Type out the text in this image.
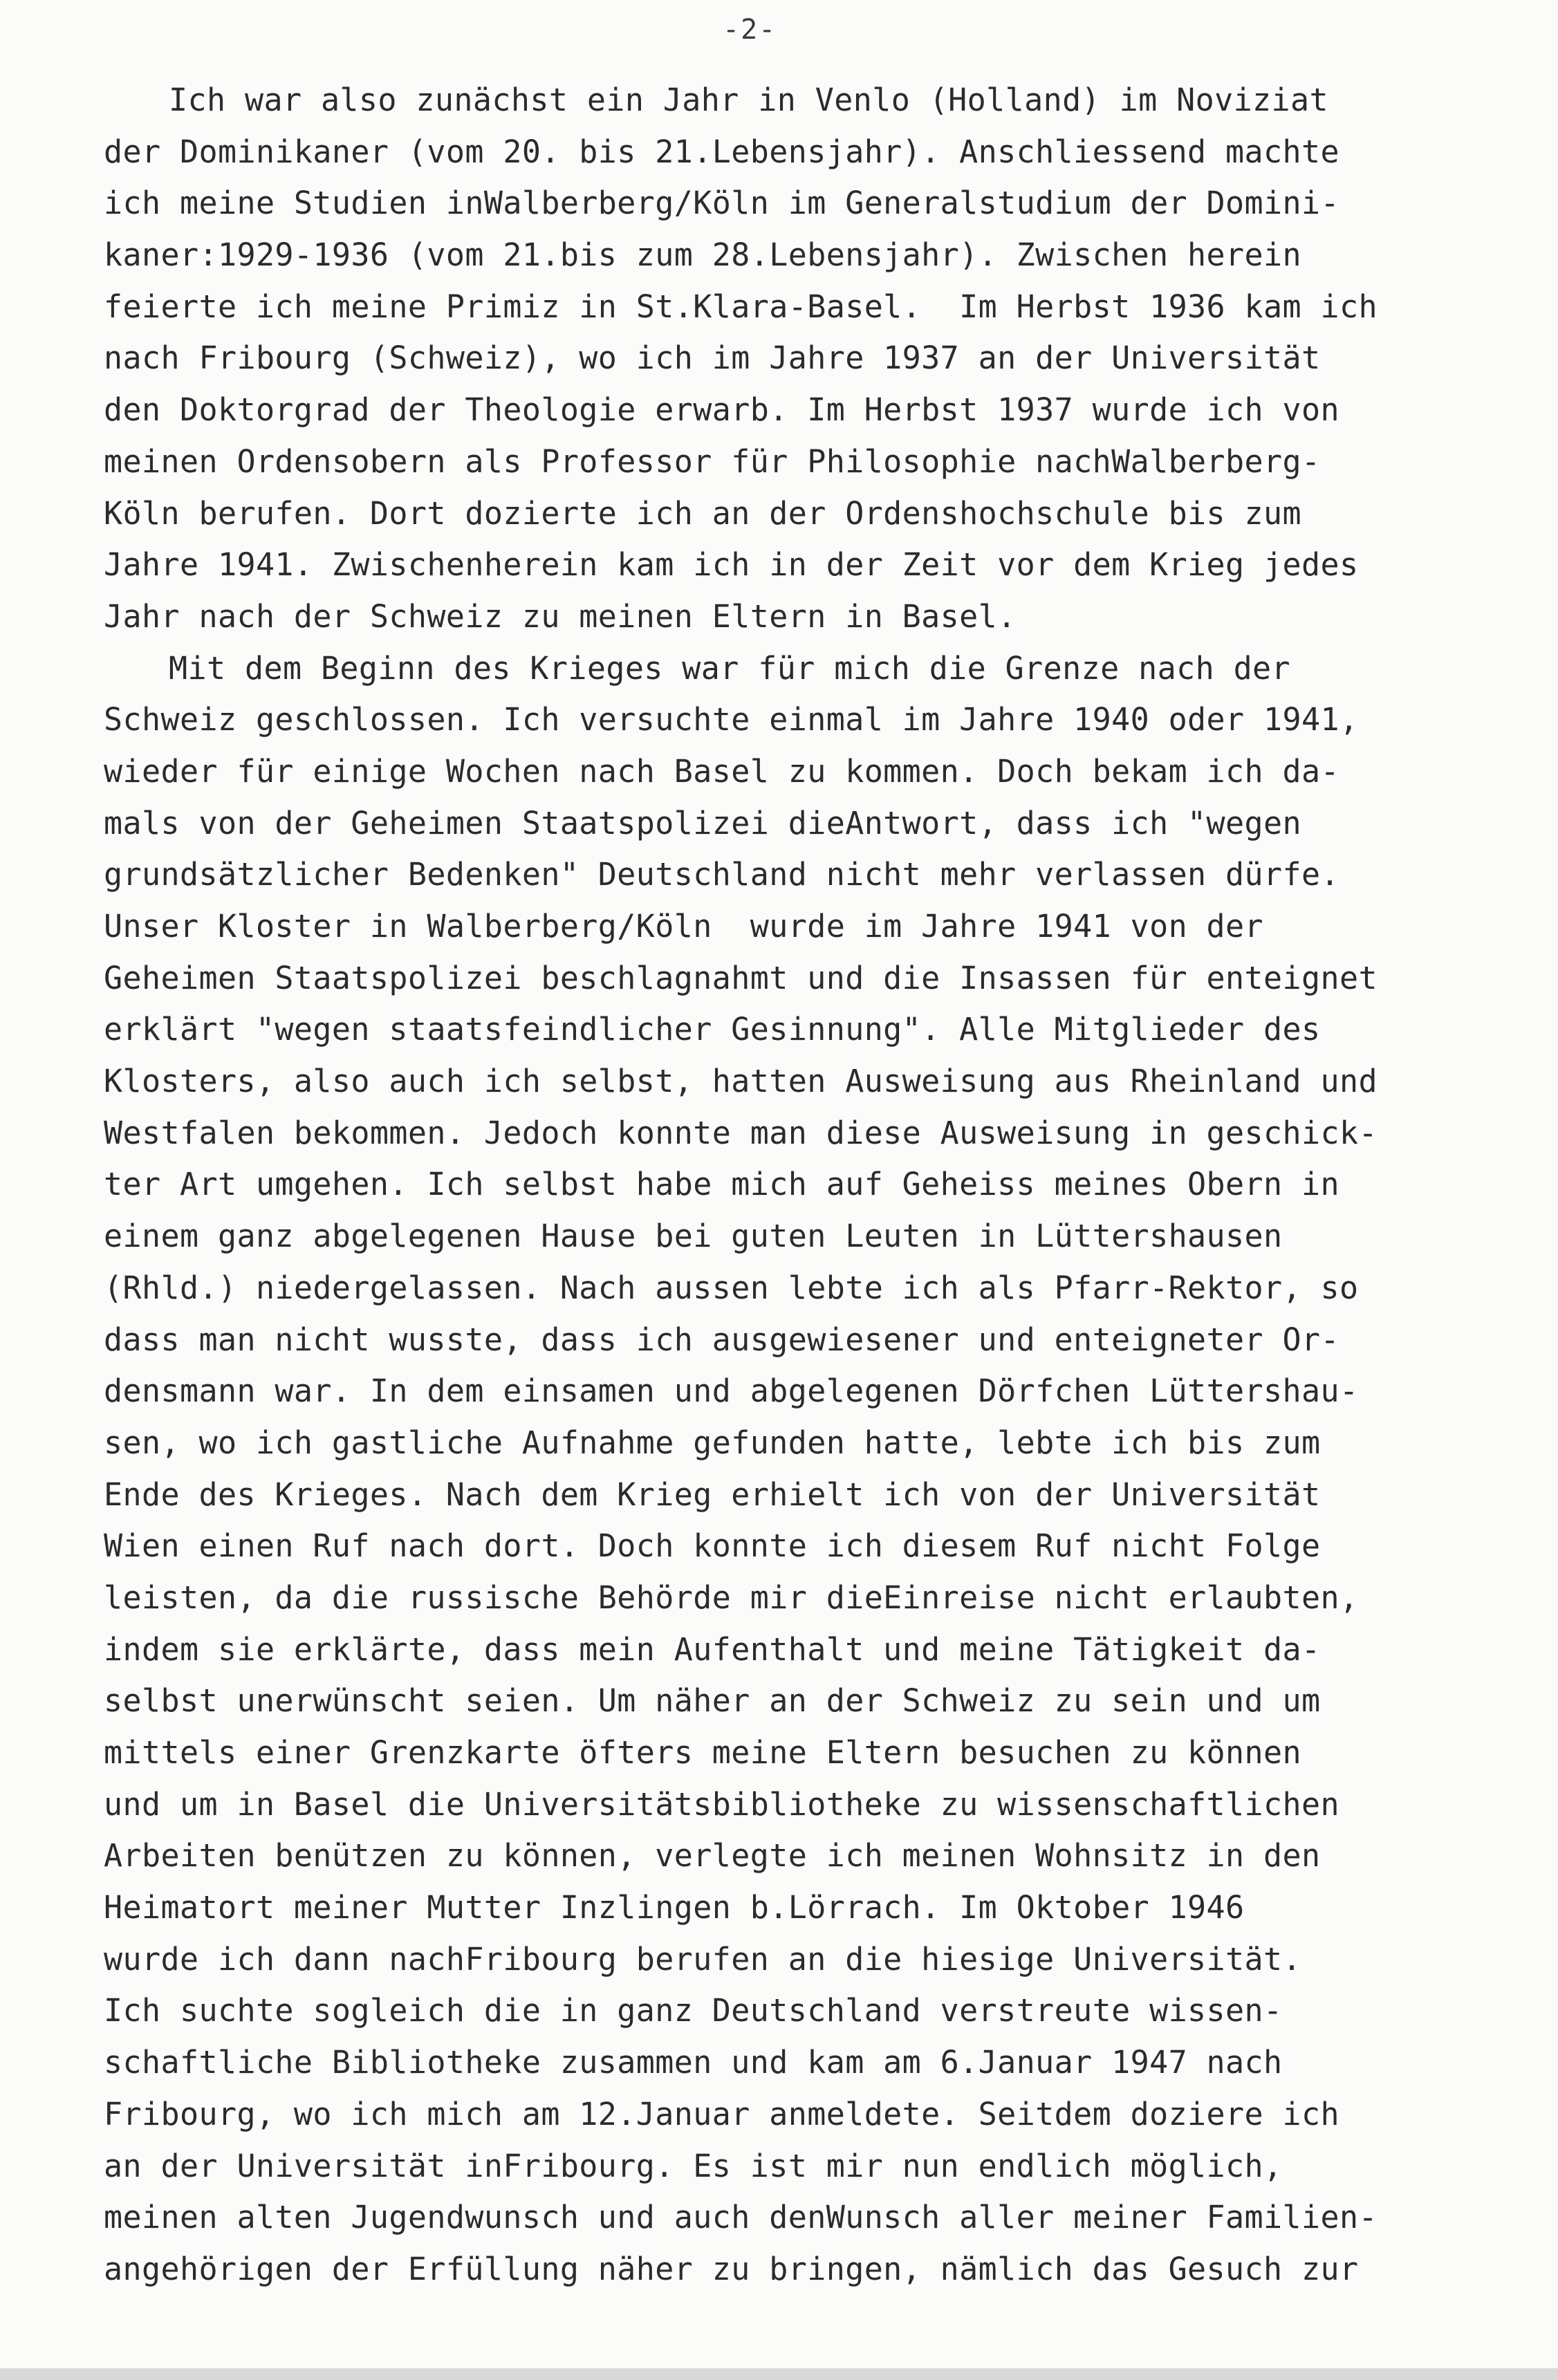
-2-
Ich war also zunächst ein Jahr in Venlo (Holland) im Noviziat
der Dominikaner (vom 20. bis 21.Lebensjahr). Anschliessend machte
ich meine Studien inWalberberg/Köln im Generalstudium der Domini-
kaner:1929-1936 (vom 21.bis zum 28.Lebensjahr). Zwischen herein
feierte ich meine Primiz in St.Klara-Basel.  Im Herbst 1936 kam ich
nach Fribourg (Schweiz), wo ich im Jahre 1937 an der Universität
den Doktorgrad der Theologie erwarb. Im Herbst 1937 wurde ich von
meinen Ordensobern als Professor für Philosophie nachWalberberg-
Köln berufen. Dort dozierte ich an der Ordenshochschule bis zum
Jahre 1941. Zwischenherein kam ich in der Zeit vor dem Krieg jedes
Jahr nach der Schweiz zu meinen Eltern in Basel.
Mit dem Beginn des Krieges war für mich die Grenze nach der
Schweiz geschlossen. Ich versuchte einmal im Jahre 1940 oder 1941,
wieder für einige Wochen nach Basel zu kommen. Doch bekam ich da-
mals von der Geheimen Staatspolizei dieAntwort, dass ich "wegen
grundsätzlicher Bedenken" Deutschland nicht mehr verlassen dürfe.
Unser Kloster in Walberberg/Köln  wurde im Jahre 1941 von der
Geheimen Staatspolizei beschlagnahmt und die Insassen für enteignet
erklärt "wegen staatsfeindlicher Gesinnung". Alle Mitglieder des
Klosters, also auch ich selbst, hatten Ausweisung aus Rheinland und
Westfalen bekommen. Jedoch konnte man diese Ausweisung in geschick-
ter Art umgehen. Ich selbst habe mich auf Geheiss meines Obern in
einem ganz abgelegenen Hause bei guten Leuten in Lüttershausen
(Rhld.) niedergelassen. Nach aussen lebte ich als Pfarr-Rektor, so
dass man nicht wusste, dass ich ausgewiesener und enteigneter Or-
densmann war. In dem einsamen und abgelegenen Dörfchen Lüttershau-
sen, wo ich gastliche Aufnahme gefunden hatte, lebte ich bis zum
Ende des Krieges. Nach dem Krieg erhielt ich von der Universität
Wien einen Ruf nach dort. Doch konnte ich diesem Ruf nicht Folge
leisten, da die russische Behörde mir dieEinreise nicht erlaubten,
indem sie erklärte, dass mein Aufenthalt und meine Tätigkeit da-
selbst unerwünscht seien. Um näher an der Schweiz zu sein und um
mittels einer Grenzkarte öfters meine Eltern besuchen zu können
und um in Basel die Universitätsbibliotheke zu wissenschaftlichen
Arbeiten benützen zu können, verlegte ich meinen Wohnsitz in den
Heimatort meiner Mutter Inzlingen b.Lörrach. Im Oktober 1946
wurde ich dann nachFribourg berufen an die hiesige Universität.
Ich suchte sogleich die in ganz Deutschland verstreute wissen-
schaftliche Bibliotheke zusammen und kam am 6.Januar 1947 nach
Fribourg, wo ich mich am 12.Januar anmeldete. Seitdem doziere ich
an der Universität inFribourg. Es ist mir nun endlich möglich,
meinen alten Jugendwunsch und auch denWunsch aller meiner Familien-
angehörigen der Erfüllung näher zu bringen, nämlich das Gesuch zur
